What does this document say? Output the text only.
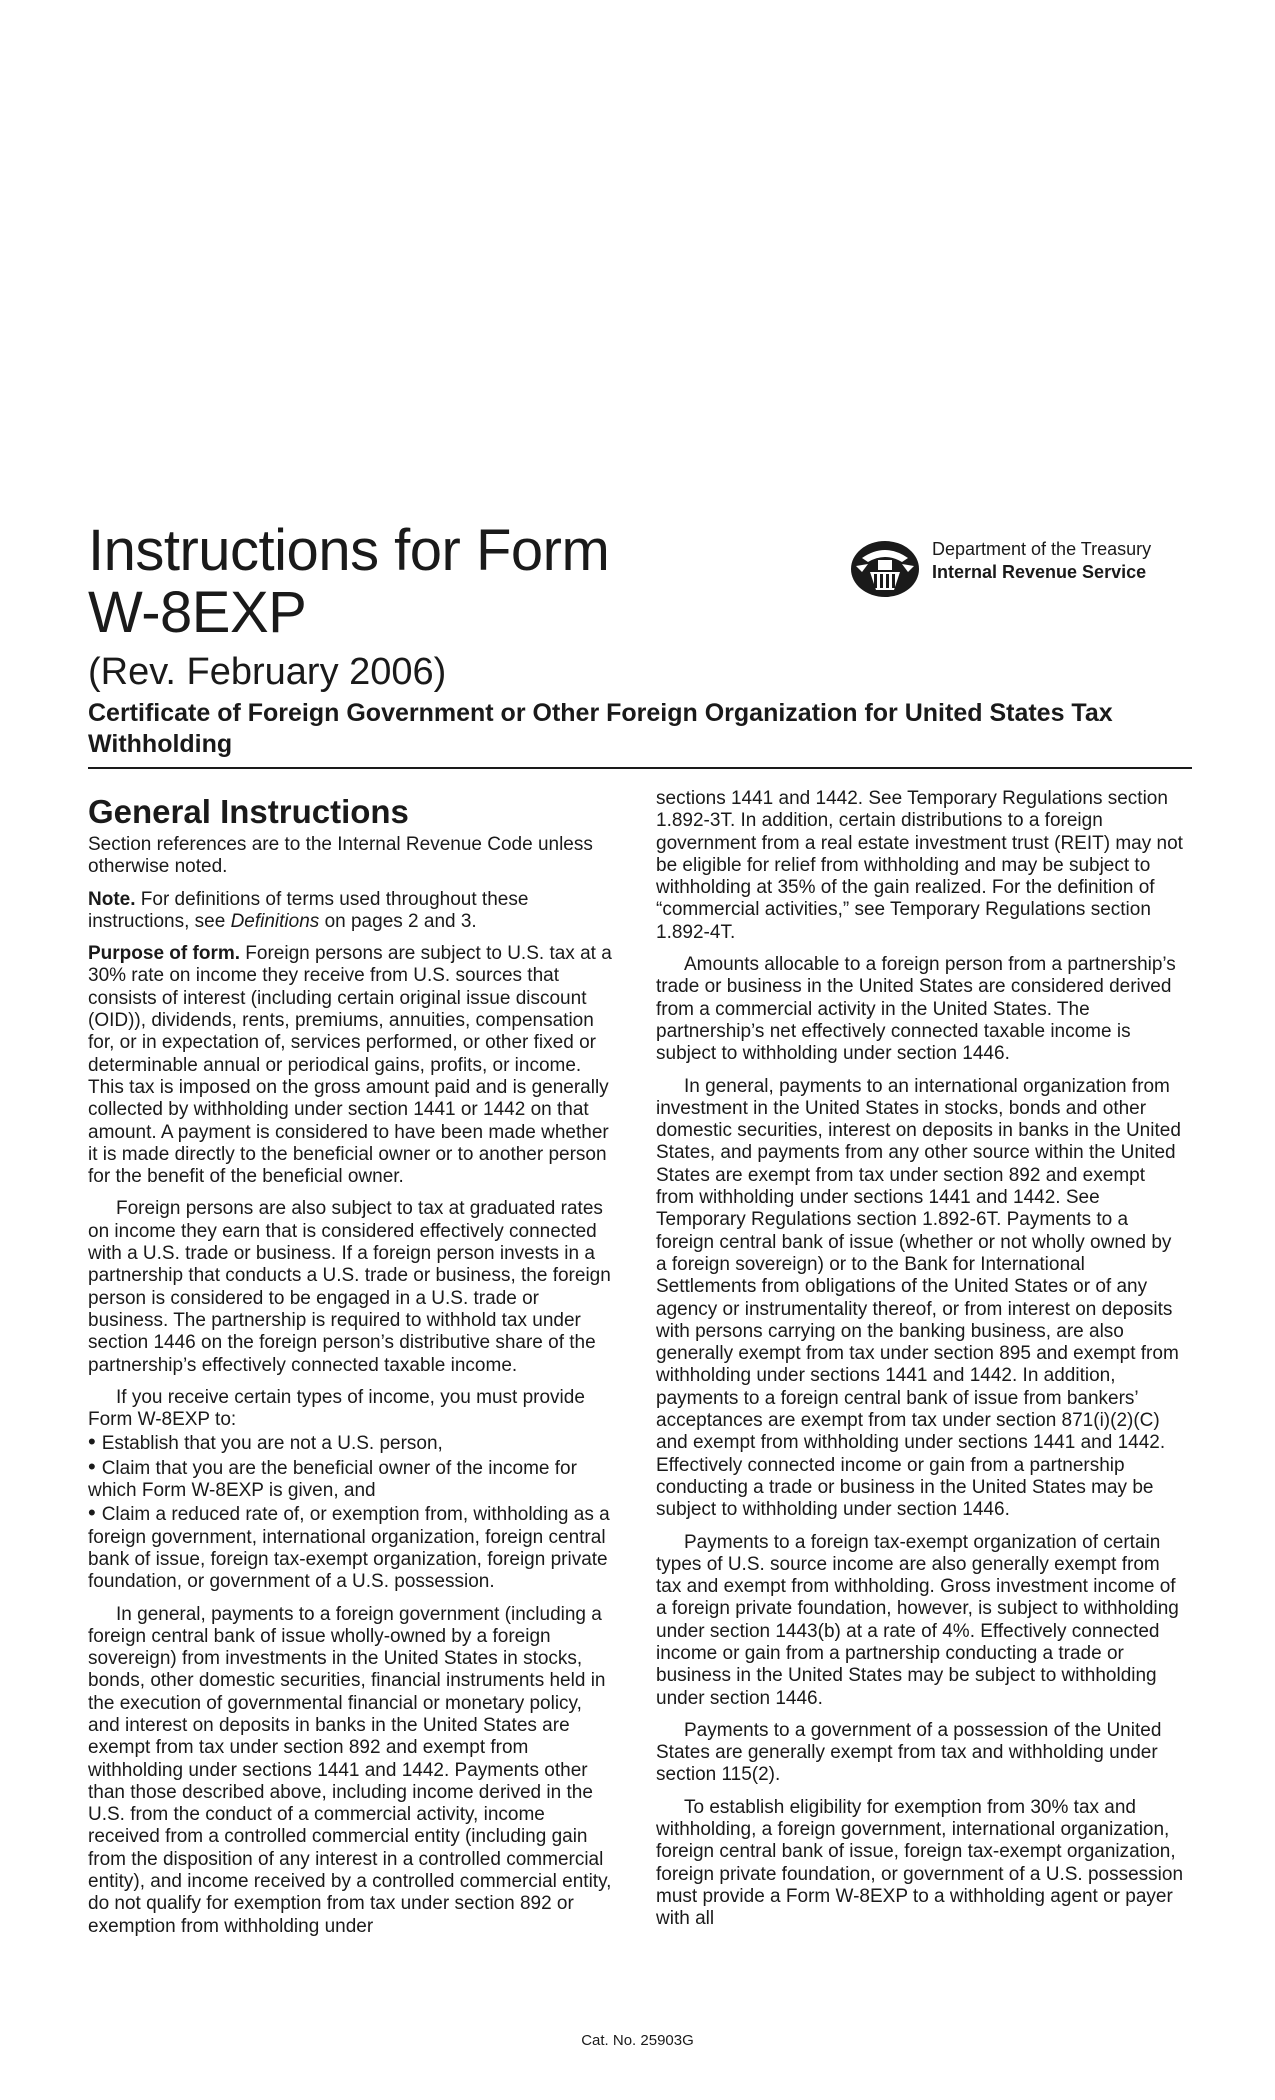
Instructions for Form
W-8EXP
(Rev. February 2006)
Certificate of Foreign Government or Other Foreign Organization for United States Tax Withholding
Department of the Treasury
Internal Revenue Service
General Instructions

Section references are to the Internal Revenue Code unless otherwise noted.

Note. For definitions of terms used throughout these instructions, see Definitions on pages 2 and 3.

Purpose of form. Foreign persons are subject to U.S. tax at a 30% rate on income they receive from U.S. sources that consists of interest (including certain original issue discount (OID)), dividends, rents, premiums, annuities, compensation for, or in expectation of, services performed, or other fixed or determinable annual or periodical gains, profits, or income. This tax is imposed on the gross amount paid and is generally collected by withholding under section 1441 or 1442 on that amount. A payment is considered to have been made whether it is made directly to the beneficial owner or to another person for the benefit of the beneficial owner.

Foreign persons are also subject to tax at graduated rates on income they earn that is considered effectively connected with a U.S. trade or business. If a foreign person invests in a partnership that conducts a U.S. trade or business, the foreign person is considered to be engaged in a U.S. trade or business. The partnership is required to withhold tax under section 1446 on the foreign person’s distributive share of the partnership’s effectively connected taxable income.

If you receive certain types of income, you must provide Form W-8EXP to:

• Establish that you are not a U.S. person,
• Claim that you are the beneficial owner of the income for which Form W-8EXP is given, and
• Claim a reduced rate of, or exemption from, withholding as a foreign government, international organization, foreign central bank of issue, foreign tax-exempt organization, foreign private foundation, or government of a U.S. possession.

In general, payments to a foreign government (including a foreign central bank of issue wholly-owned by a foreign sovereign) from investments in the United States in stocks, bonds, other domestic securities, financial instruments held in the execution of governmental financial or monetary policy, and interest on deposits in banks in the United States are exempt from tax under section 892 and exempt from withholding under sections 1441 and 1442. Payments other than those described above, including income derived in the U.S. from the conduct of a commercial activity, income received from a controlled commercial entity (including gain from the disposition of any interest in a controlled commercial entity), and income received by a controlled commercial entity, do not qualify for exemption from tax under section 892 or exemption from withholding under

sections 1441 and 1442. See Temporary Regulations section 1.892-3T. In addition, certain distributions to a foreign government from a real estate investment trust (REIT) may not be eligible for relief from withholding and may be subject to withholding at 35% of the gain realized. For the definition of “commercial activities,” see Temporary Regulations section 1.892-4T.

Amounts allocable to a foreign person from a partnership’s trade or business in the United States are considered derived from a commercial activity in the United States. The partnership’s net effectively connected taxable income is subject to withholding under section 1446.

In general, payments to an international organization from investment in the United States in stocks, bonds and other domestic securities, interest on deposits in banks in the United States, and payments from any other source within the United States are exempt from tax under section 892 and exempt from withholding under sections 1441 and 1442. See Temporary Regulations section 1.892-6T. Payments to a foreign central bank of issue (whether or not wholly owned by a foreign sovereign) or to the Bank for International Settlements from obligations of the United States or of any agency or instrumentality thereof, or from interest on deposits with persons carrying on the banking business, are also generally exempt from tax under section 895 and exempt from withholding under sections 1441 and 1442. In addition, payments to a foreign central bank of issue from bankers’ acceptances are exempt from tax under section 871(i)(2)(C) and exempt from withholding under sections 1441 and 1442. Effectively connected income or gain from a partnership conducting a trade or business in the United States may be subject to withholding under section 1446.

Payments to a foreign tax-exempt organization of certain types of U.S. source income are also generally exempt from tax and exempt from withholding. Gross investment income of a foreign private foundation, however, is subject to withholding under section 1443(b) at a rate of 4%. Effectively connected income or gain from a partnership conducting a trade or business in the United States may be subject to withholding under section 1446.

Payments to a government of a possession of the United States are generally exempt from tax and withholding under section 115(2).

To establish eligibility for exemption from 30% tax and withholding, a foreign government, international organization, foreign central bank of issue, foreign tax-exempt organization, foreign private foundation, or government of a U.S. possession must provide a Form W-8EXP to a withholding agent or payer with all

Cat. No. 25903G
